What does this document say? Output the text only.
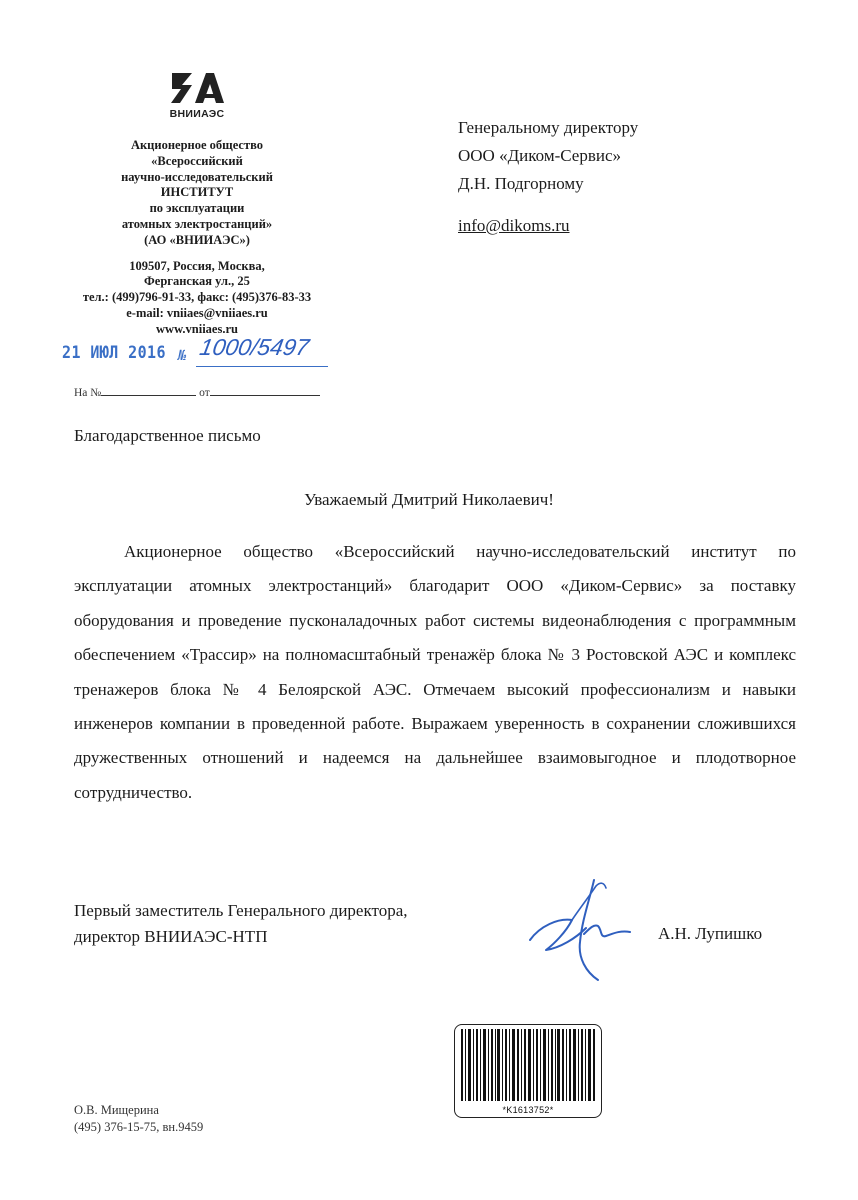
ВНИИАЭС
Акционерное общество
«Всероссийский
научно-исследовательский
ИНСТИТУТ
по эксплуатации
атомных электростанций»
(АО «ВНИИАЭС»)
109507, Россия, Москва,
Ферганская ул., 25
тел.: (499)796-91-33, факс: (495)376-83-33
e-mail: vniiaes@vniiaes.ru
www.vniiaes.ru
21 ИЮЛ 2016 № 1000/5497
На №	от
Генеральному директору
ООО «Диком-Сервис»
Д.Н. Подгорному
info@dikoms.ru
Благодарственное письмо
Уважаемый Дмитрий Николаевич!

Акционерное общество «Всероссийский научно-исследовательский институт по эксплуатации атомных электростанций» благодарит ООО «Диком-Сервис» за поставку оборудования и проведение пусконаладочных работ системы видеонаблюдения с программным обеспечением «Трассир» на полномасштабный тренажёр блока № 3 Ростовской АЭС и комплекс тренажеров блока № 4 Белоярской АЭС. Отмечаем высокий профессионализм и навыки инженеров компании в проведенной работе. Выражаем уверенность в сохранении сложившихся дружественных отношений и надеемся на дальнейшее взаимовыгодное и плодотворное сотрудничество.

Первый заместитель Генерального директора,
директор ВНИИАЭС-НТП	А.Н. Лупишко
*K1613752*
О.В. Мищерина
(495) 376-15-75, вн.9459
